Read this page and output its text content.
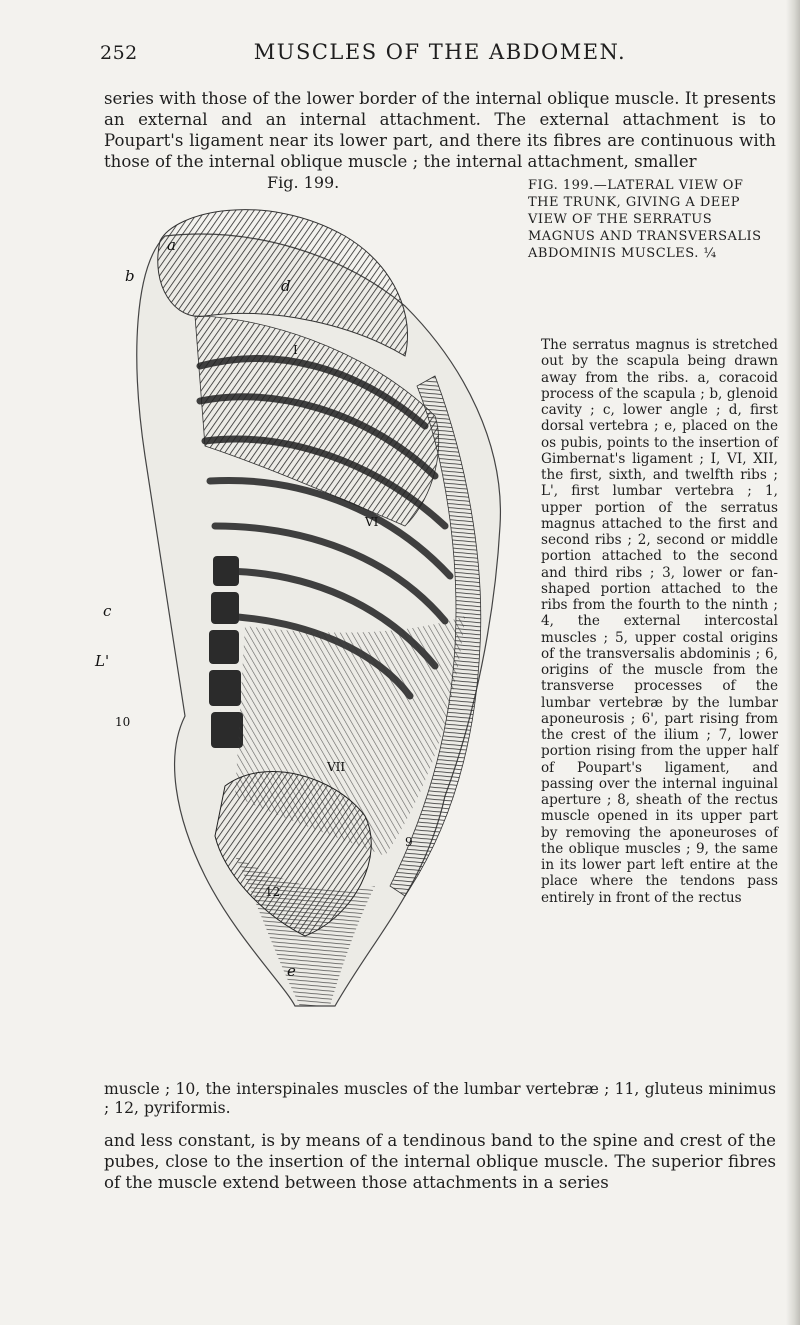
252	MUSCLES OF THE ABDOMEN.

series with those of the lower border of the internal oblique muscle. It presents an external and an internal attachment. The external attachment is to Poupart's ligament near its lower part, and there its fibres are continuous with those of the internal oblique muscle ; the internal attachment, smaller

Fig. 199.
a
b
d
c
L'
e
I
VI
VII
10
12
9
FIG. 199.—LATERAL VIEW OF THE TRUNK, GIVING A DEEP VIEW OF THE SERRATUS MAGNUS AND TRANSVERSALIS ABDOMINIS MUSCLES. ¼

The serratus magnus is stretched out by the scapula being drawn away from the ribs. a, coracoid process of the scapula ; b, glenoid cavity ; c, lower angle ; d, first dorsal vertebra ; e, placed on the os pubis, points to the insertion of Gimbernat's ligament ; I, VI, XII, the first, sixth, and twelfth ribs ; L', first lumbar vertebra ; 1, upper portion of the serratus magnus attached to the first and second ribs ; 2, second or middle portion attached to the second and third ribs ; 3, lower or fan-shaped portion attached to the ribs from the fourth to the ninth ; 4, the external intercostal muscles ; 5, upper costal origins of the transversalis abdominis ; 6, origins of the muscle from the transverse processes of the lumbar vertebræ by the lumbar aponeurosis ; 6', part rising from the crest of the ilium ; 7, lower portion rising from the upper half of Poupart's ligament, and passing over the internal inguinal aperture ; 8, sheath of the rectus muscle opened in its upper part by removing the aponeuroses of the oblique muscles ; 9, the same in its lower part left entire at the place where the tendons pass entirely in front of the rectus

muscle ; 10, the interspinales muscles of the lumbar vertebræ ; 11, gluteus minimus ; 12, pyriformis.

and less constant, is by means of a tendinous band to the spine and crest of the pubes, close to the insertion of the internal oblique muscle. The superior fibres of the muscle extend between those attachments in a series
